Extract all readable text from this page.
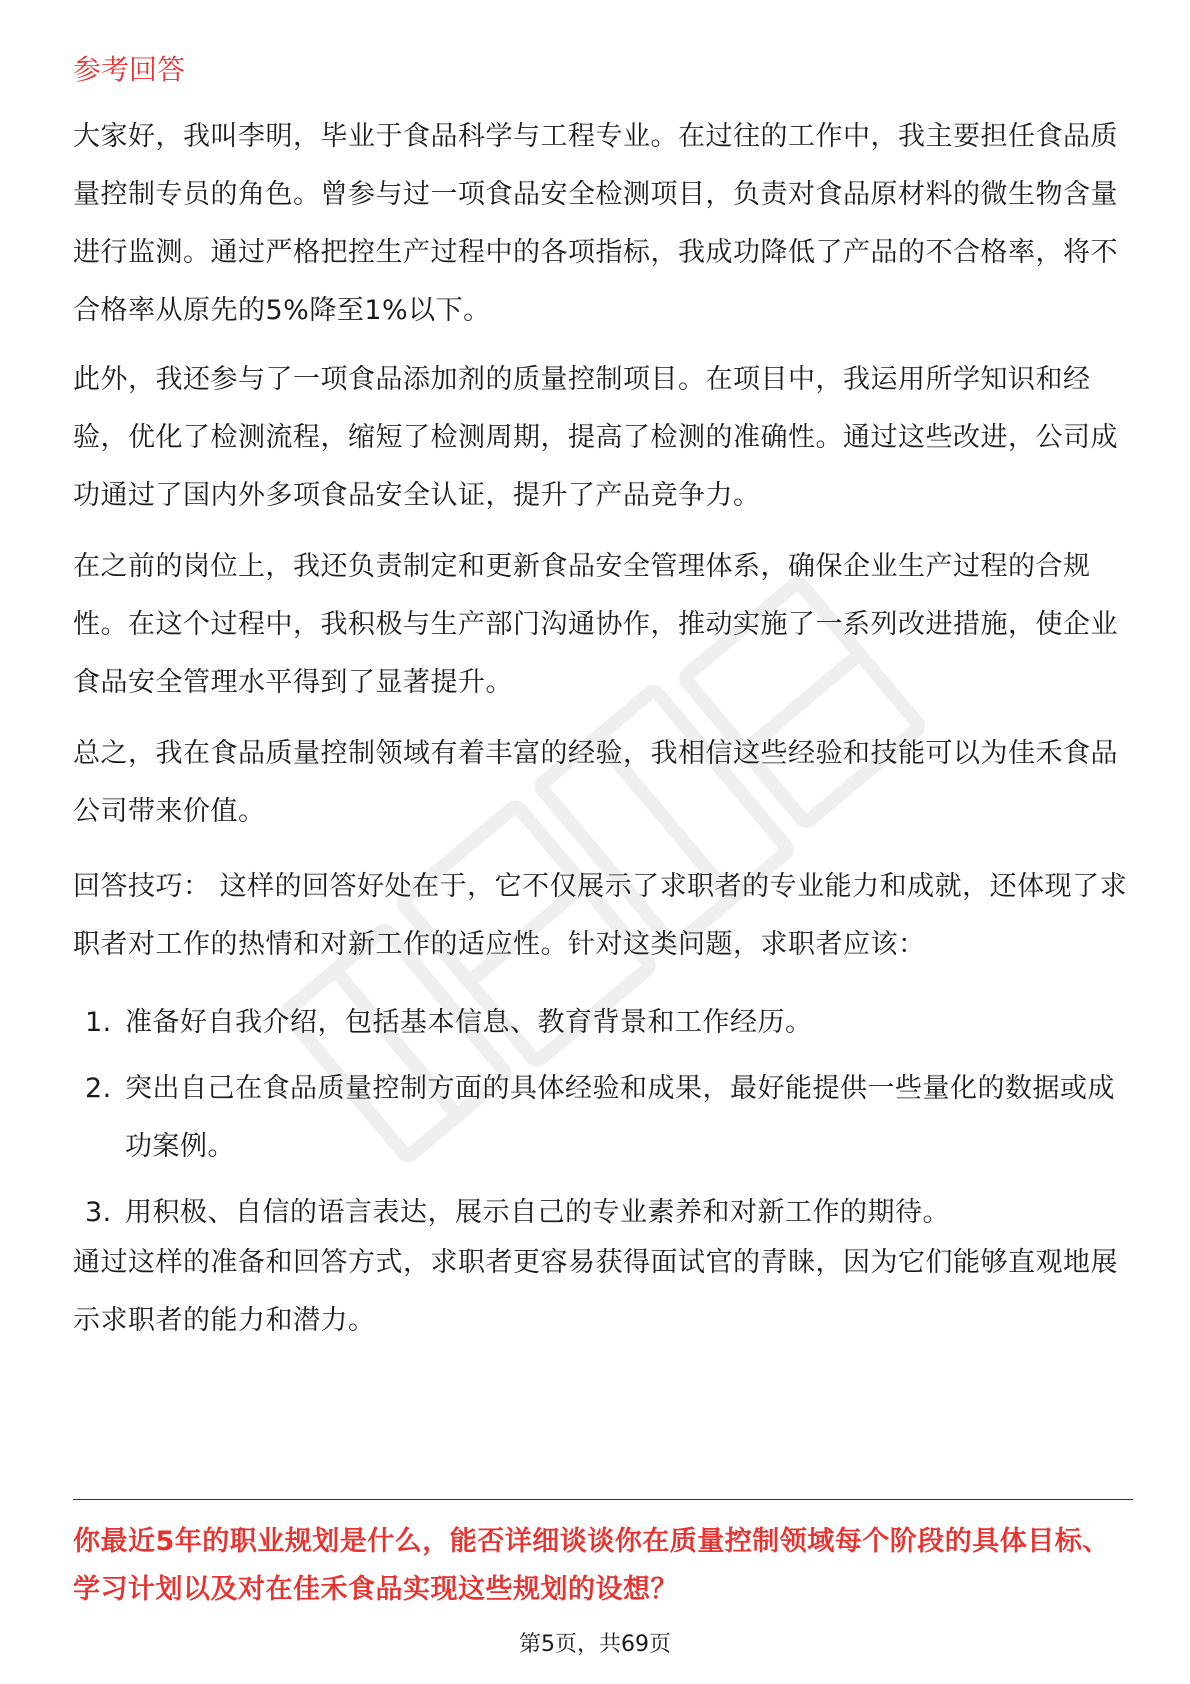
参考回答

大家好，我叫李明，毕业于食品科学与工程专业。在过往的工作中，我主要担任食品质量控制专员的角色。曾参与过一项食品安全检测项目，负责对食品原材料的微生物含量进行监测。通过严格把控生产过程中的各项指标，我成功降低了产品的不合格率，将不合格率从原先的5%降至1%以下。

此外，我还参与了一项食品添加剂的质量控制项目。在项目中，我运用所学知识和经验，优化了检测流程，缩短了检测周期，提高了检测的准确性。通过这些改进，公司成功通过了国内外多项食品安全认证，提升了产品竞争力。

在之前的岗位上，我还负责制定和更新食品安全管理体系，确保企业生产过程的合规性。在这个过程中，我积极与生产部门沟通协作，推动实施了一系列改进措施，使企业食品安全管理水平得到了显著提升。

总之，我在食品质量控制领域有着丰富的经验，我相信这些经验和技能可以为佳禾食品公司带来价值。

回答技巧： 这样的回答好处在于，它不仅展示了求职者的专业能力和成就，还体现了求职者对工作的热情和对新工作的适应性。针对这类问题，求职者应该：

1. 准备好自我介绍，包括基本信息、教育背景和工作经历。
2. 突出自己在食品质量控制方面的具体经验和成果，最好能提供一些量化的数据或成功案例。
3. 用积极、自信的语言表达，展示自己的专业素养和对新工作的期待。

通过这样的准备和回答方式，求职者更容易获得面试官的青睐，因为它们能够直观地展示求职者的能力和潜力。

你最近5年的职业规划是什么，能否详细谈谈你在质量控制领域每个阶段的具体目标、学习计划以及对在佳禾食品实现这些规划的设想？

第5页，共69页
